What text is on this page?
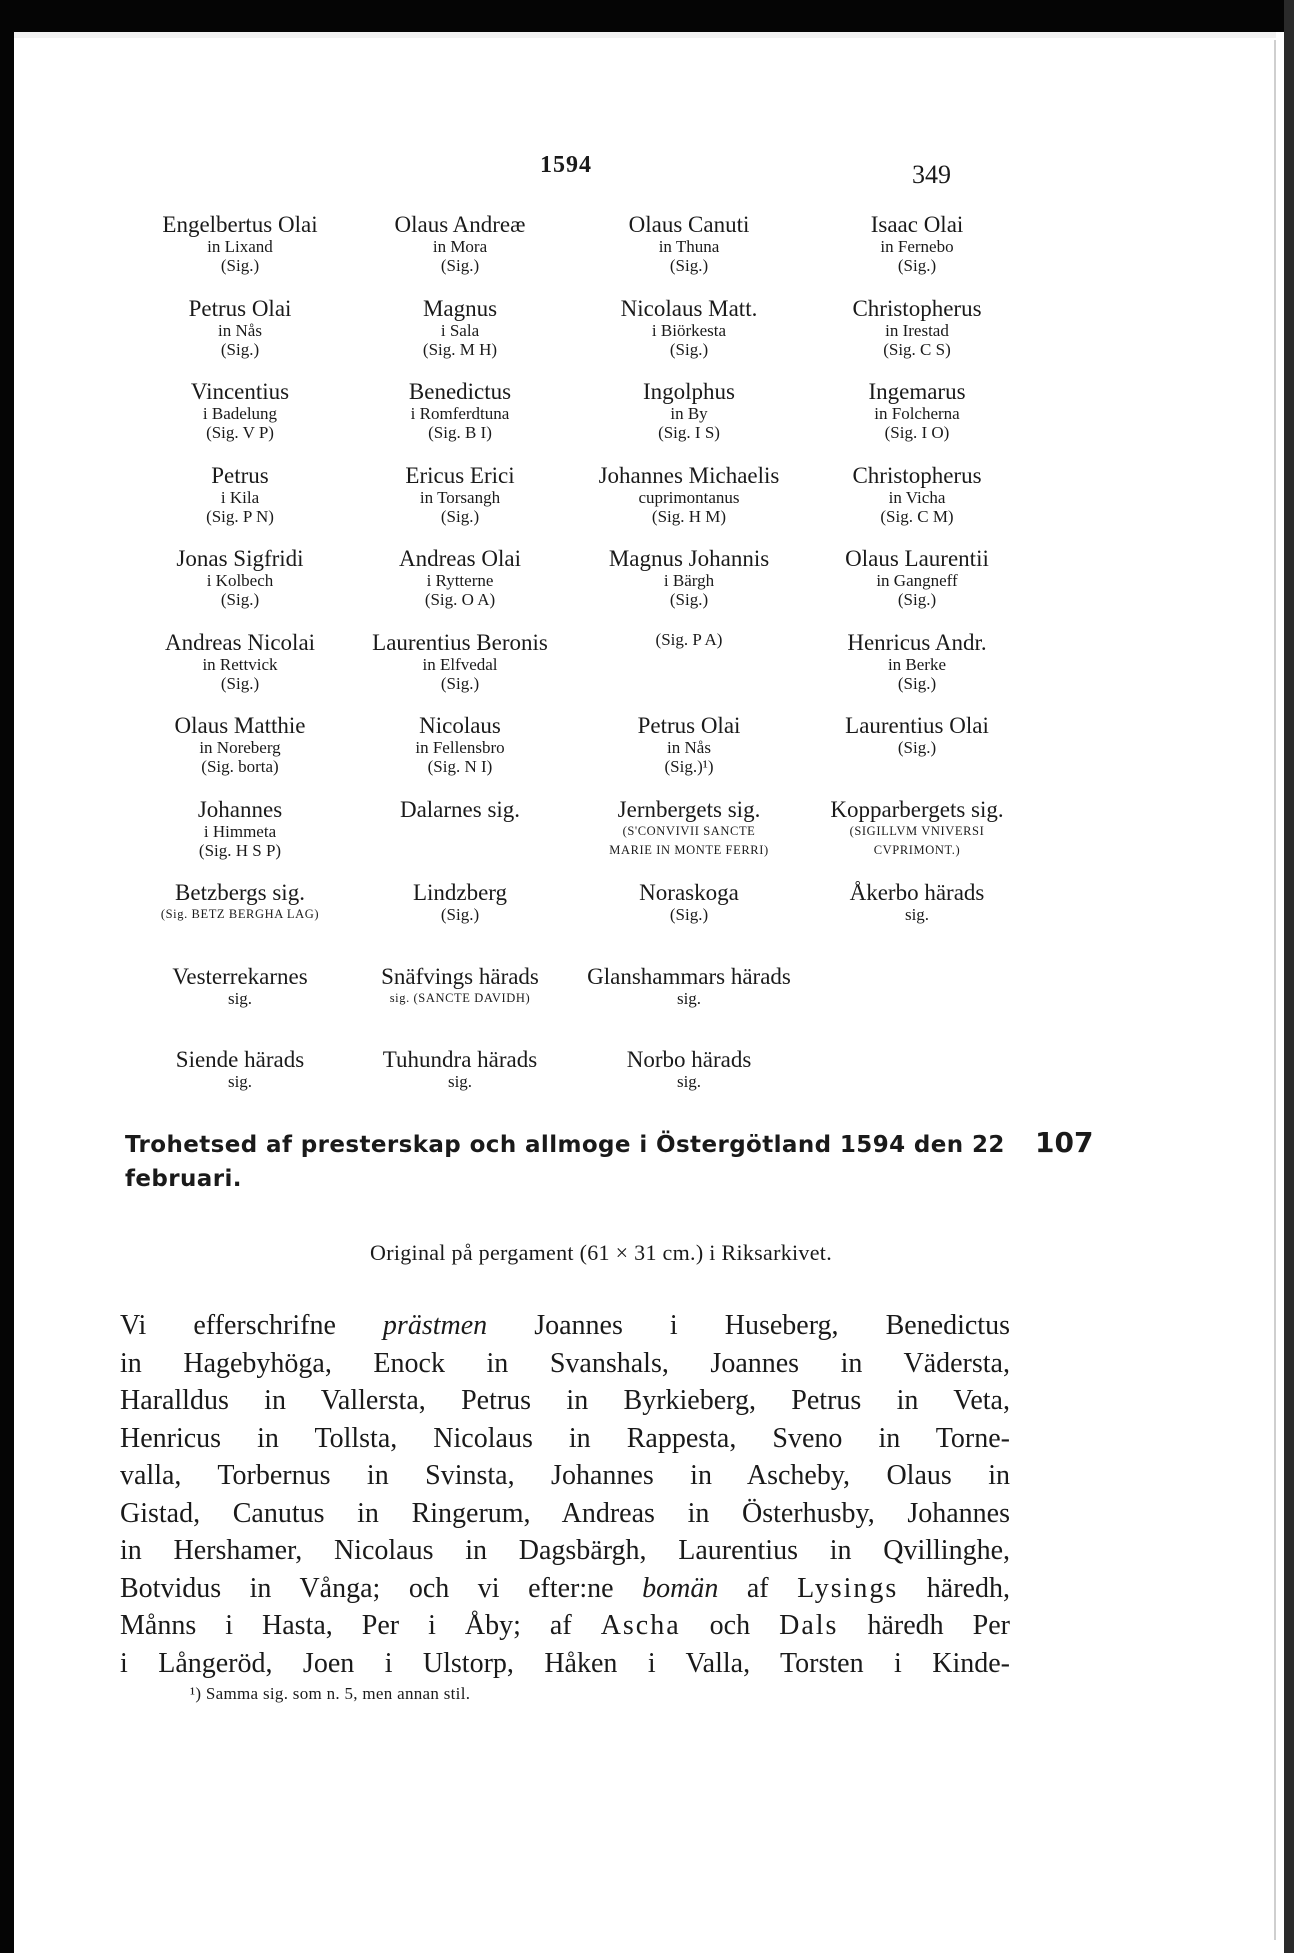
1594	349
Engelbertus Olai
in Lixand
(Sig.)
Petrus Olai
in Nås
(Sig.)
Vincentius
i Badelung
(Sig. V P)
Petrus
i Kila
(Sig. P N)
Jonas Sigfridi
i Kolbech
(Sig.)
Andreas Nicolai
in Rettvick
(Sig.)
Olaus Matthie
in Noreberg
(Sig. borta)
Johannes
i Himmeta
(Sig. H S P)
Betzbergs sig.
(Sig. BETZ BERGHA LAG)
Vesterrekarnes
sig.
Siende härads
sig.
Olaus Andreæ
in Mora
(Sig.)
Magnus
i Sala
(Sig. M H)
Benedictus
i Romferdtuna
(Sig. B I)
Ericus Erici
in Torsangh
(Sig.)
Andreas Olai
i Rytterne
(Sig. O A)
Laurentius Beronis
in Elfvedal
(Sig.)
Nicolaus
in Fellensbro
(Sig. N I)
Dalarnes sig.
Lindzberg
(Sig.)
Snäfvings härads
sig. (SANCTE DAVIDH)
Tuhundra härads
sig.
Olaus Canuti
in Thuna
(Sig.)
Nicolaus Matt.
i Biörkesta
(Sig.)
Ingolphus
in By
(Sig. I S)
Johannes Michaelis
cuprimontanus
(Sig. H M)
Magnus Johannis
i Bärgh
(Sig.)
(Sig. P A)
Petrus Olai
in Nås
(Sig.)¹)
Jernbergets sig.
(S'CONVIVII SANCTE
MARIE IN MONTE FERRI)
Noraskoga
(Sig.)
Glanshammars härads
sig.
Norbo härads
sig.
Isaac Olai
in Fernebo
(Sig.)
Christopherus
in Irestad
(Sig. C S)
Ingemarus
in Folcherna
(Sig. I O)
Christopherus
in Vicha
(Sig. C M)
Olaus Laurentii
in Gangneff
(Sig.)
Henricus Andr.
in Berke
(Sig.)
Laurentius Olai
(Sig.)
Kopparbergets sig.
(SIGILLVM VNIVERSI
CVPRIMONT.)
Åkerbo härads
sig.
Trohetsed af presterskap och allmoge i Östergötland 1594 den 22
februari.
107
Original på pergament (61 × 31 cm.) i Riksarkivet.
Vi efferschrifne prästmen Joannes i Huseberg, Benedictus
in Hagebyhöga, Enock in Svanshals, Joannes in Vädersta,
Haralldus in Vallersta, Petrus in Byrkieberg, Petrus in Veta,
Henricus in Tollsta, Nicolaus in Rappesta, Sveno in Torne-
valla, Torbernus in Svinsta, Johannes in Ascheby, Olaus in
Gistad, Canutus in Ringerum, Andreas in Österhusby, Johannes
in Hershamer, Nicolaus in Dagsbärgh, Laurentius in Qvillinghe,
Botvidus in Vånga; och vi efter:ne bomän af Lysings häredh,
Månns i Hasta, Per i Åby; af Ascha och Dals häredh Per
i Långeröd, Joen i Ulstorp, Håken i Valla, Torsten i Kinde-
¹) Samma sig. som n. 5, men annan stil.
